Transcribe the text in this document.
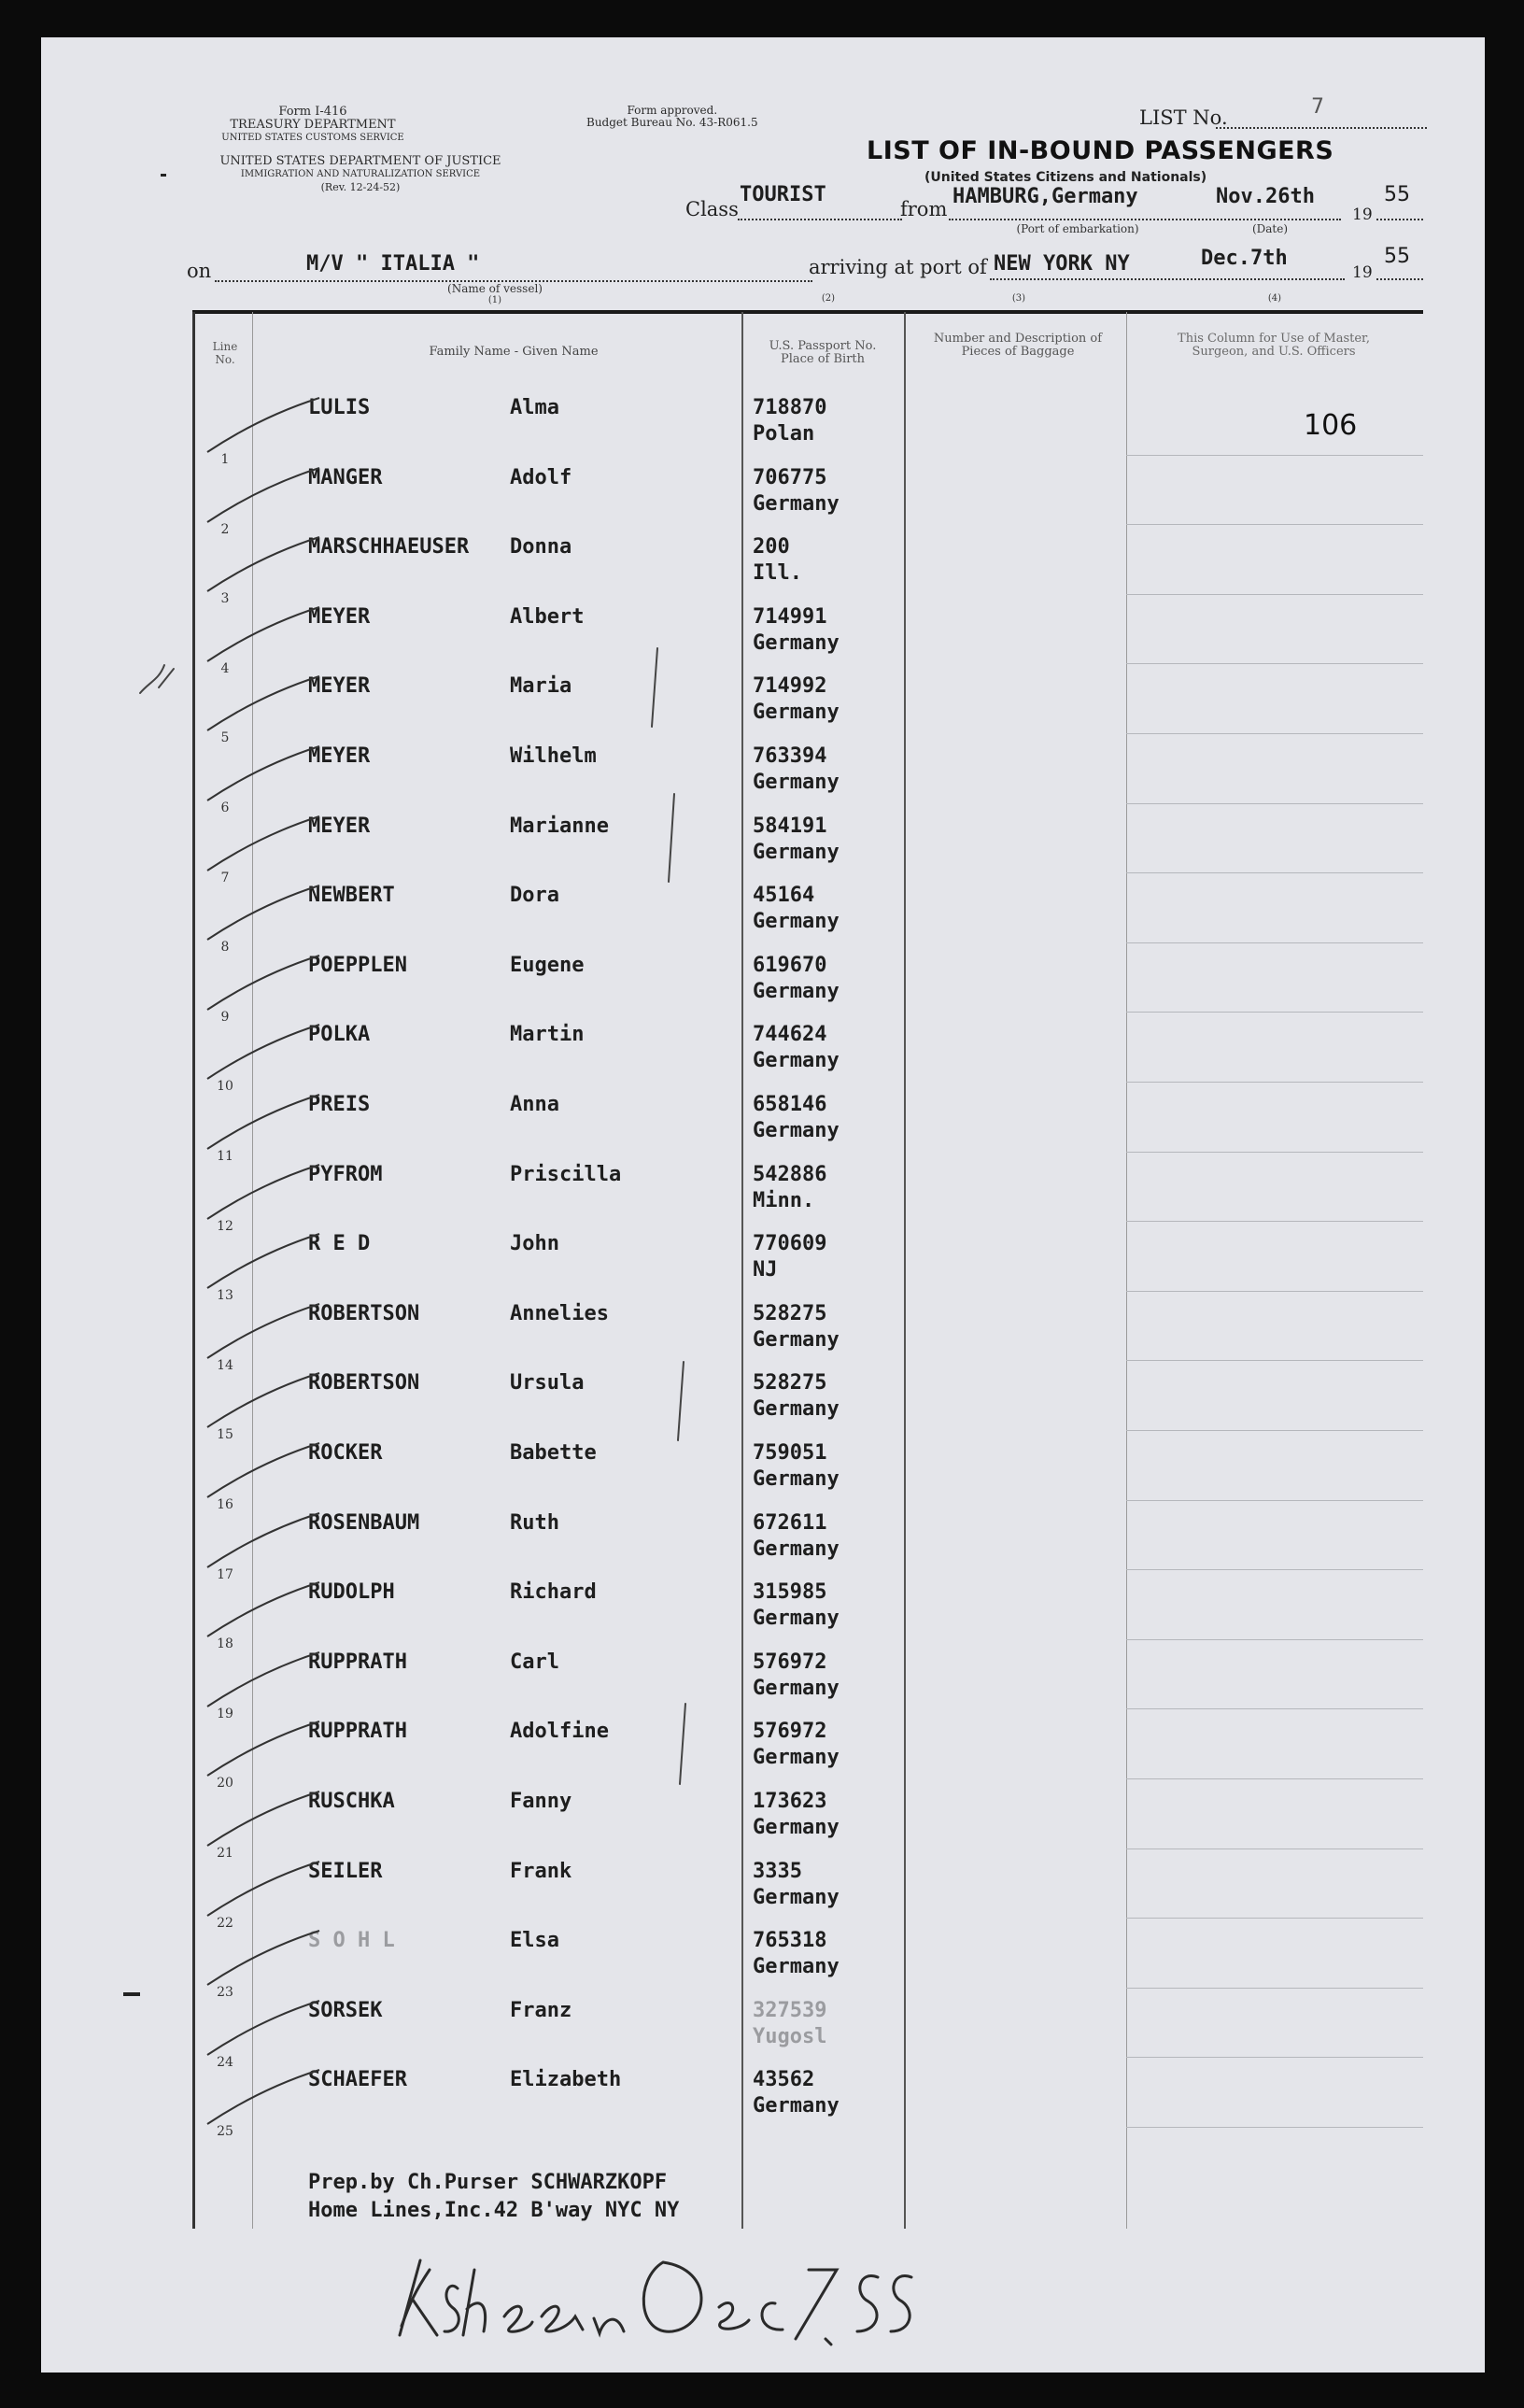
Form I-416
TREASURY DEPARTMENT
UNITED STATES CUSTOMS SERVICE
UNITED STATES DEPARTMENT OF JUSTICE
IMMIGRATION AND NATURALIZATION SERVICE
(Rev. 12-24-52)
Form approved.
Budget Bureau No. 43-R061.5	LIST No.	7
LIST OF IN-BOUND PASSENGERS
(United States Citizens and Nationals)
Class
TOURIST
from
HAMBURG,Germany	Nov.26th
(Port of embarkation)	(Date)
19
55
on	M/V " ITALIA "
(Name of vessel)
(1)
arriving at port of
(2)
NEW YORK NY
(3)
Dec.7th
(4)
19
55
Line No.
Family Name - Given Name	U.S. Passport No. Place of Birth
Number and Description of Pieces of Baggage
This Column for Use of Master, Surgeon, and U.S. Officers
106
1
LULIS	Alma	718870
Polan
2
MANGER	Adolf	706775
Germany
3
MARSCHHAEUSER Donna	200
Ill.
4
MEYER	Albert	714991
Germany
5
MEYER	Maria	714992
Germany
6
MEYER	Wilhelm	763394
Germany
7
MEYER	Marianne	584191
Germany
8
NEWBERT	Dora	45164
Germany
9
POEPPLEN	Eugene	619670
Germany
10
POLKA	Martin	744624
Germany
11
PREIS	Anna	658146
Germany
12
PYFROM	Priscilla	542886
Minn.
13
R E D	John	770609
NJ
14
ROBERTSON	Annelies	528275
Germany
15
ROBERTSON	Ursula	528275
Germany
16
ROCKER	Babette	759051
Germany
17
ROSENBAUM	Ruth	672611
Germany
18
RUDOLPH	Richard	315985
Germany
19
RUPPRATH	Carl	576972
Germany
20
RUPPRATH	Adolfine	576972
Germany
21
RUSCHKA	Fanny	173623
Germany
22
SEILER	Frank	3335
Germany
23
S O H L	Elsa	765318
Germany
24
SORSEK	Franz	327539
Yugosl
25
SCHAEFER	Elizabeth	43562
Germany
Prep.by Ch.Purser SCHWARZKOPF
Home Lines,Inc.42 B'way NYC NY
